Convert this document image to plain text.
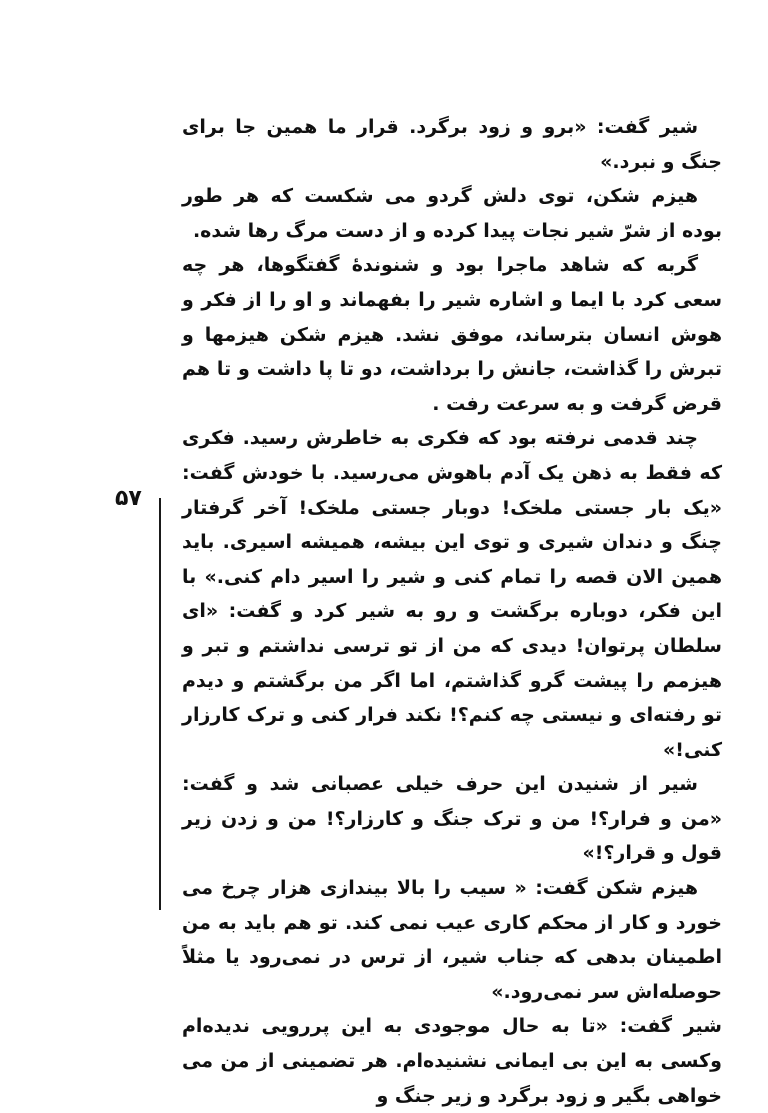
شیر گفت: «برو و زود برگرد. قرار ما همین جا برای جنگ و نبرد.»

هیزم شکن، توی دلش گردو می شکست که هر طور بوده از شرّ شیر نجات پیدا کرده و از دست مرگ رها شده.

گربه که شاهد ماجرا بود و شنوندۀ گفتگوها، هر چه سعی کرد با ایما و اشاره شیر را بفهماند و او را از فکر و هوش انسان بترساند، موفق نشد. هیزم شکن هیزمها و تبرش را گذاشت، جانش را برداشت، دو تا پا داشت و تا هم قرض گرفت و به سرعت رفت .

چند قدمی نرفته بود که فکری به خاطرش رسید. فکری که فقط به ذهن یک آدم باهوش می‌رسید. با خودش گفت: «یک بار جستی ملخک! دوبار جستی ملخک! آخر گرفتار چنگ و دندان شیری و توی این بیشه، همیشه اسیری. باید همین الان قصه را تمام کنی و شیر را اسیر دام کنی.» با این فکر، دوباره برگشت و رو به شیر کرد و گفت: «ای سلطان پرتوان! دیدی که من از تو ترسی نداشتم و تبر و هیزمم را پیشت گرو گذاشتم، اما اگر من برگشتم و دیدم تو رفته‌ای و نیستی چه کنم؟! نکند فرار کنی و ترک کارزار کنی!»

شیر از شنیدن این حرف خیلی عصبانی شد و گفت: «من و فرار؟! من و ترک جنگ و کارزار؟! من و زدن زیر قول و قرار؟!»

هیزم شکن گفت: « سیب را بالا بیندازی هزار چرخ می خورد و کار از محکم کاری عیب نمی کند. تو هم باید به من اطمینان بدهی که جناب شیر، از ترس در نمی‌رود یا مثلاً حوصله‌اش سر نمی‌رود.»

شیر گفت: «تا به حال موجودی به این پررویی ندیده‌ام وکسی به این بی ایمانی نشنیده‌ام. هر تضمینی از من می خواهی بگیر و زود برگرد و زیر جنگ و

۵۷
